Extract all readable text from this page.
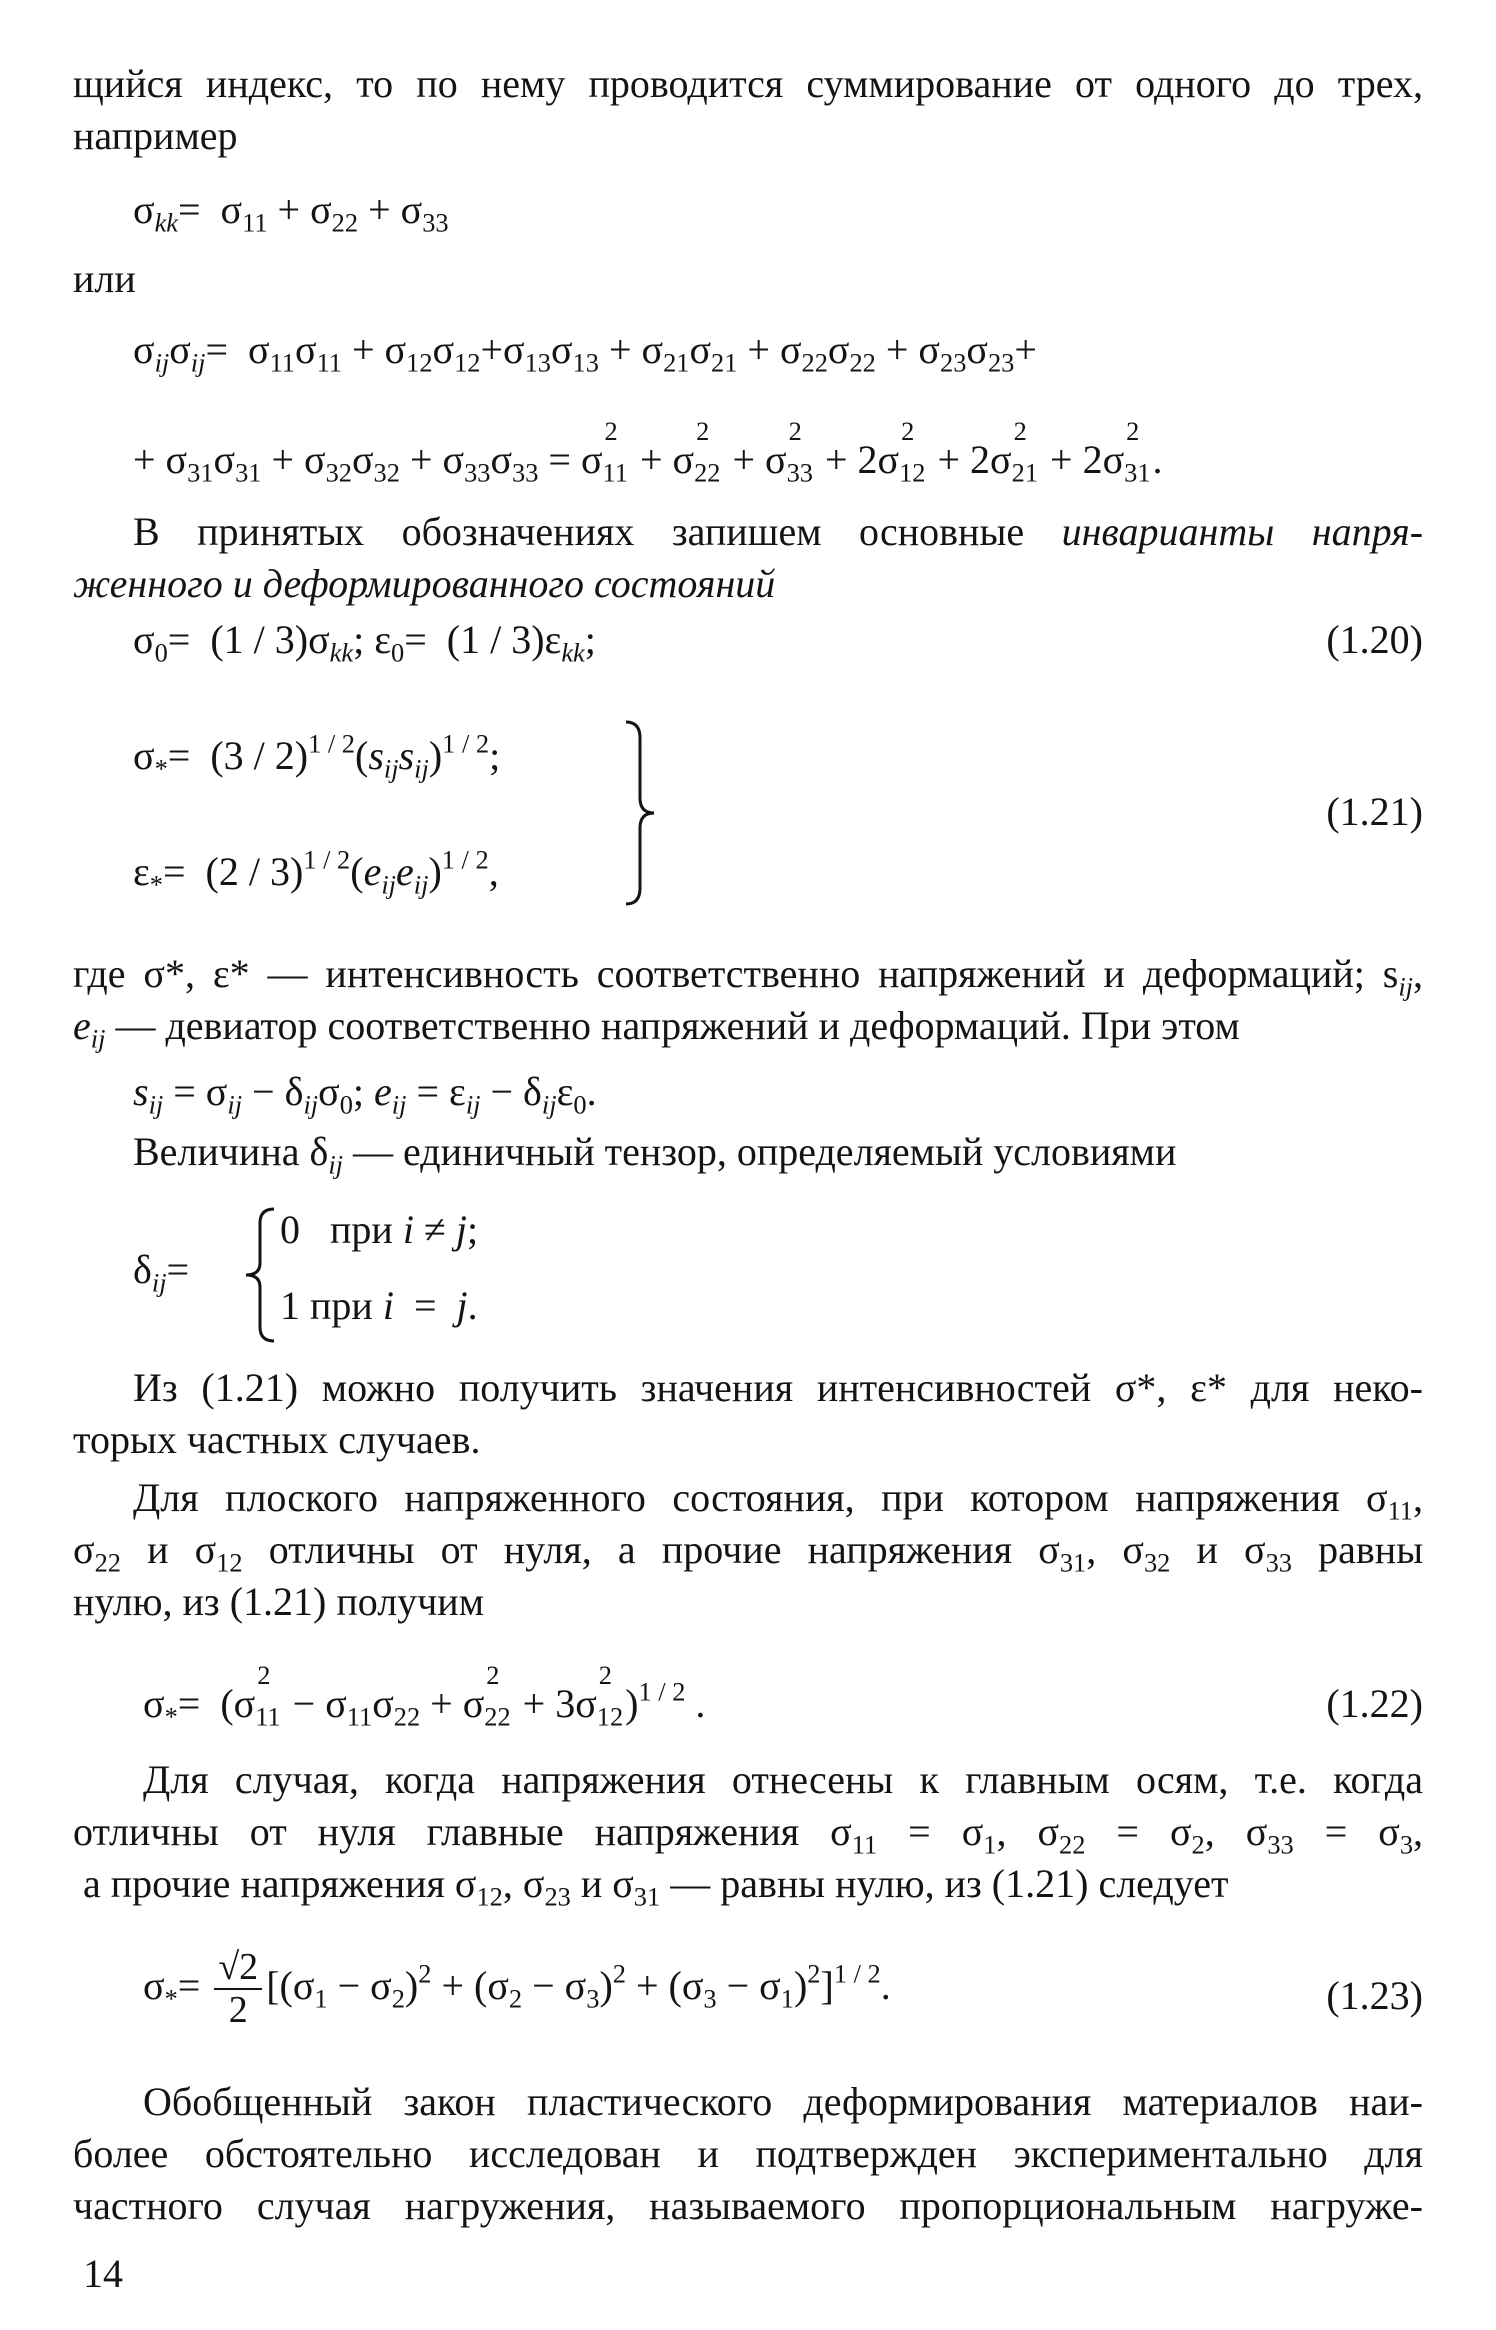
щийся индекс, то по нему проводится суммирование от одного до трех,
например
$\sigma_{kk}= \sigma_{11} + \sigma_{22} + \sigma_{33}$
или
$\sigma_{ij}\sigma_{ij}= \sigma_{11}\sigma_{11} + \sigma_{12}\sigma_{12}+\sigma_{13}\sigma_{13} + \sigma_{21}\sigma_{21} + \sigma_{22}\sigma_{22} + \sigma_{23}\sigma_{23}+$
+ $\sigma_{31}\sigma_{31} + \sigma_{32}\sigma_{32} + \sigma_{33}\sigma_{33} = \sigma$
2
$_{11}$ + σ
2
$_{22}$ + σ
2
$_{33}$ + 2σ
2
$_{12}$ + 2σ
2
$_{21}$ + 2σ
2
$_{31}$.
В принятых обозначениях запишем основные инварианты напря-
женного и деформированного состояний
$\sigma_0= (1 / 3)\sigma_{kk}$; $\varepsilon_0= (1 / 3)\varepsilon_{kk}$;	(1.20)
$\sigma_*= (3 / 2)^{1 / 2}(s_{ij}s_{ij})^{1 / 2}$;
$\varepsilon_*= (2 / 3)^{1 / 2}(e_{ij}e_{ij})^{1 / 2}$,
(1.21)
где σ*, ε* — интенсивность соответственно напряжений и деформаций; $s_{ij}$,
$e_{ij}$ — девиатор соответственно напряжений и деформаций. При этом
$s_{ij} = \sigma_{ij} - \delta_{ij}\sigma_0$; $e_{ij} = \varepsilon_{ij} - \delta_{ij}\varepsilon_0$.
Величина $\delta_{ij}$ — единичный тензор, определяемый условиями
$\delta_{ij}=$
0 при i ≠ j;
1 при i  =  j.
Из (1.21) можно получить значения интенсивностей σ*, ε* для неко-
торых частных случаев.
Для плоского напряженного состояния, при котором напряжения $\sigma_{11}$,
$\sigma_{22}$ и $\sigma_{12}$ отличны от нуля, а прочие напряжения $\sigma_{31}$, $\sigma_{32}$ и $\sigma_{33}$ равны
нулю, из (1.21) получим
$\sigma_*= (\sigma$
2
$_{11} - \sigma_{11}\sigma_{22} + \sigma$
2
$_{22}$ + 3σ
2
$_{12}$)$^{1 / 2}$ .	(1.22)
Для случая, когда напряжения отнесены к главным осям, т.е. когда
отличны от нуля главные напряжения $\sigma_{11} = \sigma_1$, $\sigma_{22} = \sigma_2$, $\sigma_{33} = \sigma_3$,
а прочие напряжения $\sigma_{12}$, $\sigma_{23}$ и $\sigma_{31}$ — равны нулю, из (1.21) следует
$\sigma_*= \frac{√2}{2} [(\sigma_1 - \sigma_2)^2 + (\sigma_2 - \sigma_3)^2 + (\sigma_3 - \sigma_1)^2]^{1 / 2}$.	(1.23)
Обобщенный закон пластического деформирования материалов наи-
более обстоятельно исследован и подтвержден экспериментально для
частного случая нагружения, называемого пропорциональным нагруже-
14
